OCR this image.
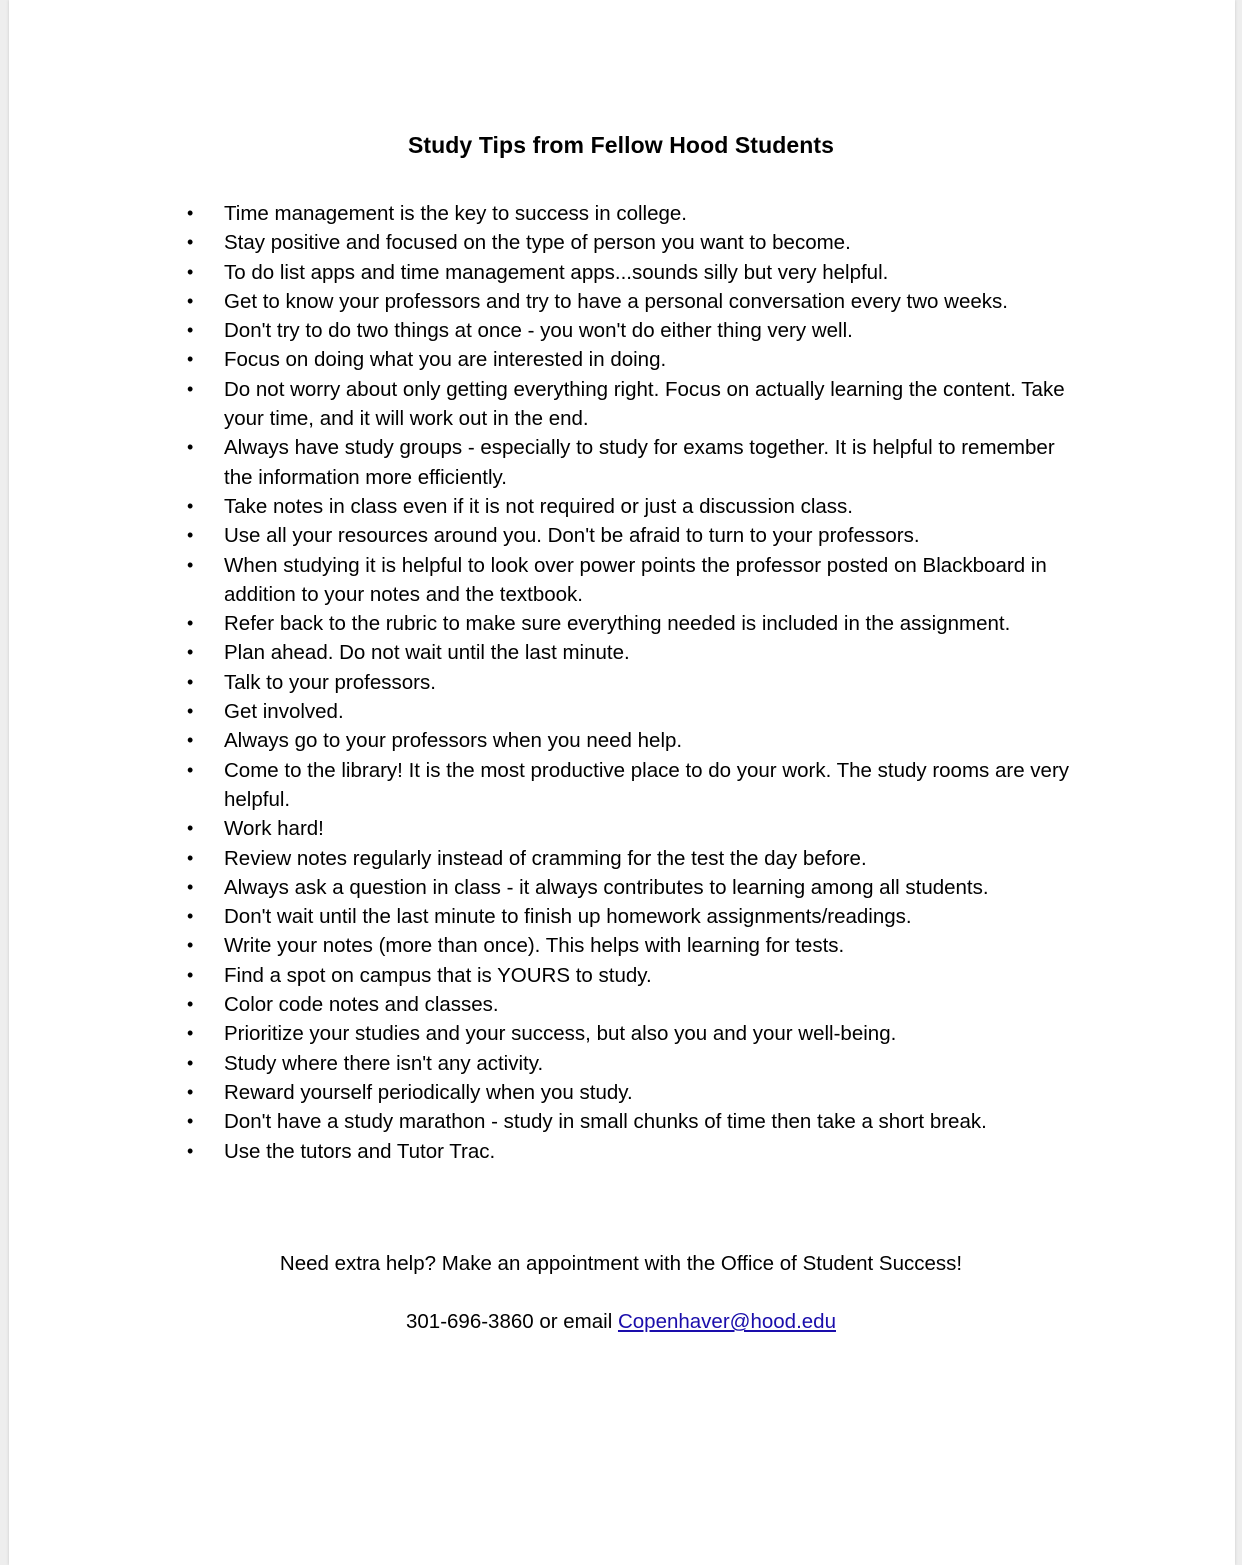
Study Tips from Fellow Hood Students
• Time management is the key to success in college.
• Stay positive and focused on the type of person you want to become.
• To do list apps and time management apps...sounds silly but very helpful.
• Get to know your professors and try to have a personal conversation every two weeks.
• Don't try to do two things at once - you won't do either thing very well.
• Focus on doing what you are interested in doing.
• Do not worry about only getting everything right. Focus on actually learning the content. Take your time, and it will work out in the end.
• Always have study groups - especially to study for exams together. It is helpful to remember the information more efficiently.
• Take notes in class even if it is not required or just a discussion class.
• Use all your resources around you. Don't be afraid to turn to your professors.
• When studying it is helpful to look over power points the professor posted on Blackboard in addition to your notes and the textbook.
• Refer back to the rubric to make sure everything needed is included in the assignment.
• Plan ahead. Do not wait until the last minute.
• Talk to your professors.
• Get involved.
• Always go to your professors when you need help.
• Come to the library! It is the most productive place to do your work. The study rooms are very helpful.
• Work hard!
• Review notes regularly instead of cramming for the test the day before.
• Always ask a question in class - it always contributes to learning among all students.
• Don't wait until the last minute to finish up homework assignments/readings.
• Write your notes (more than once). This helps with learning for tests.
• Find a spot on campus that is YOURS to study.
• Color code notes and classes.
• Prioritize your studies and your success, but also you and your well-being.
• Study where there isn't any activity.
• Reward yourself periodically when you study.
• Don't have a study marathon - study in small chunks of time then take a short break.
• Use the tutors and Tutor Trac.
Need extra help? Make an appointment with the Office of Student Success!
301-696-3860 or email Copenhaver@hood.edu
